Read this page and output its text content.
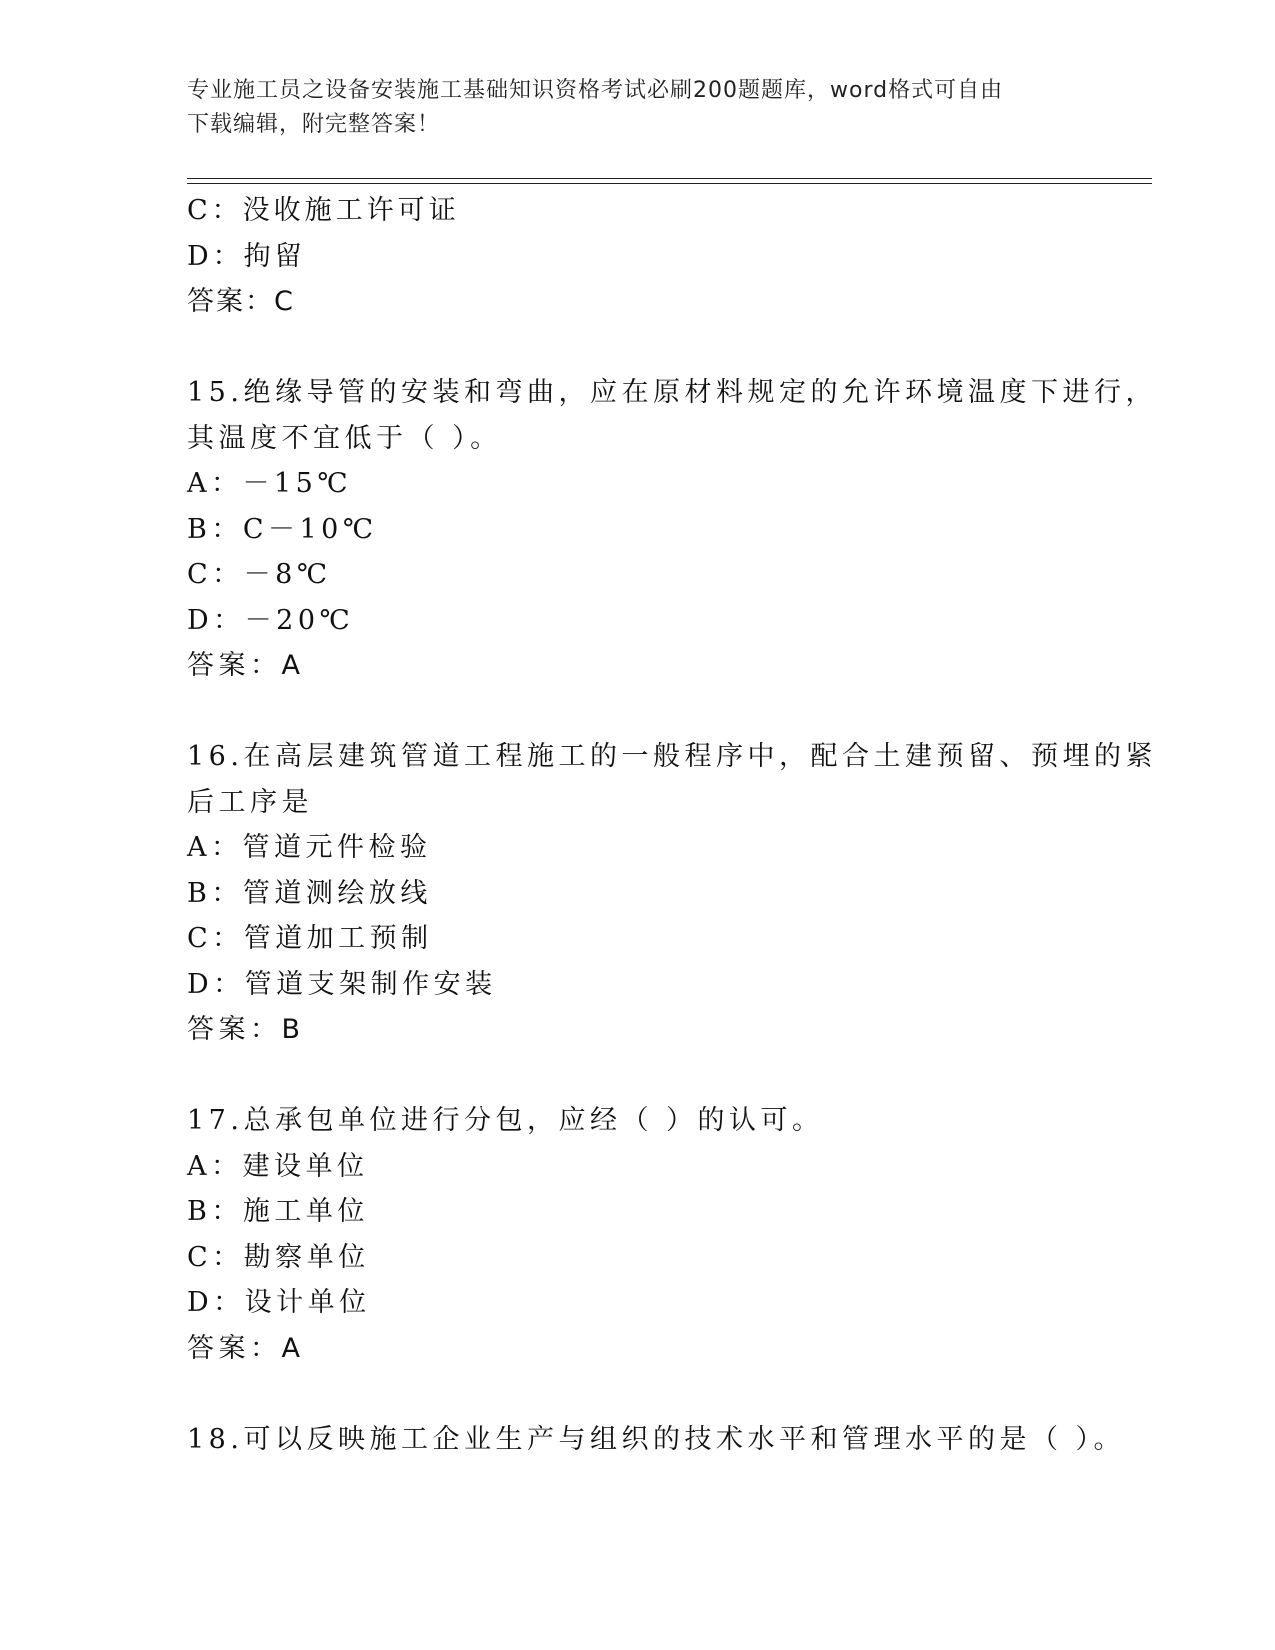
专业施工员之设备安装施工基础知识资格考试必刷200题题库，word格式可自由
下载编辑，附完整答案！
C：没收施工许可证
D：拘留
答案：C
15.绝缘导管的安装和弯曲，应在原材料规定的允许环境温度下进行，
其温度不宜低于（ ）。
A：－15℃
B：C－10℃
C：－8℃
D：－20℃
答案：A
16.在高层建筑管道工程施工的一般程序中，配合土建预留、预埋的紧
后工序是
A：管道元件检验
B：管道测绘放线
C：管道加工预制
D：管道支架制作安装
答案：B
17.总承包单位进行分包，应经（ ）的认可。
A：建设单位
B：施工单位
C：勘察单位
D：设计单位
答案：A
18.可以反映施工企业生产与组织的技术水平和管理水平的是（ ）。
